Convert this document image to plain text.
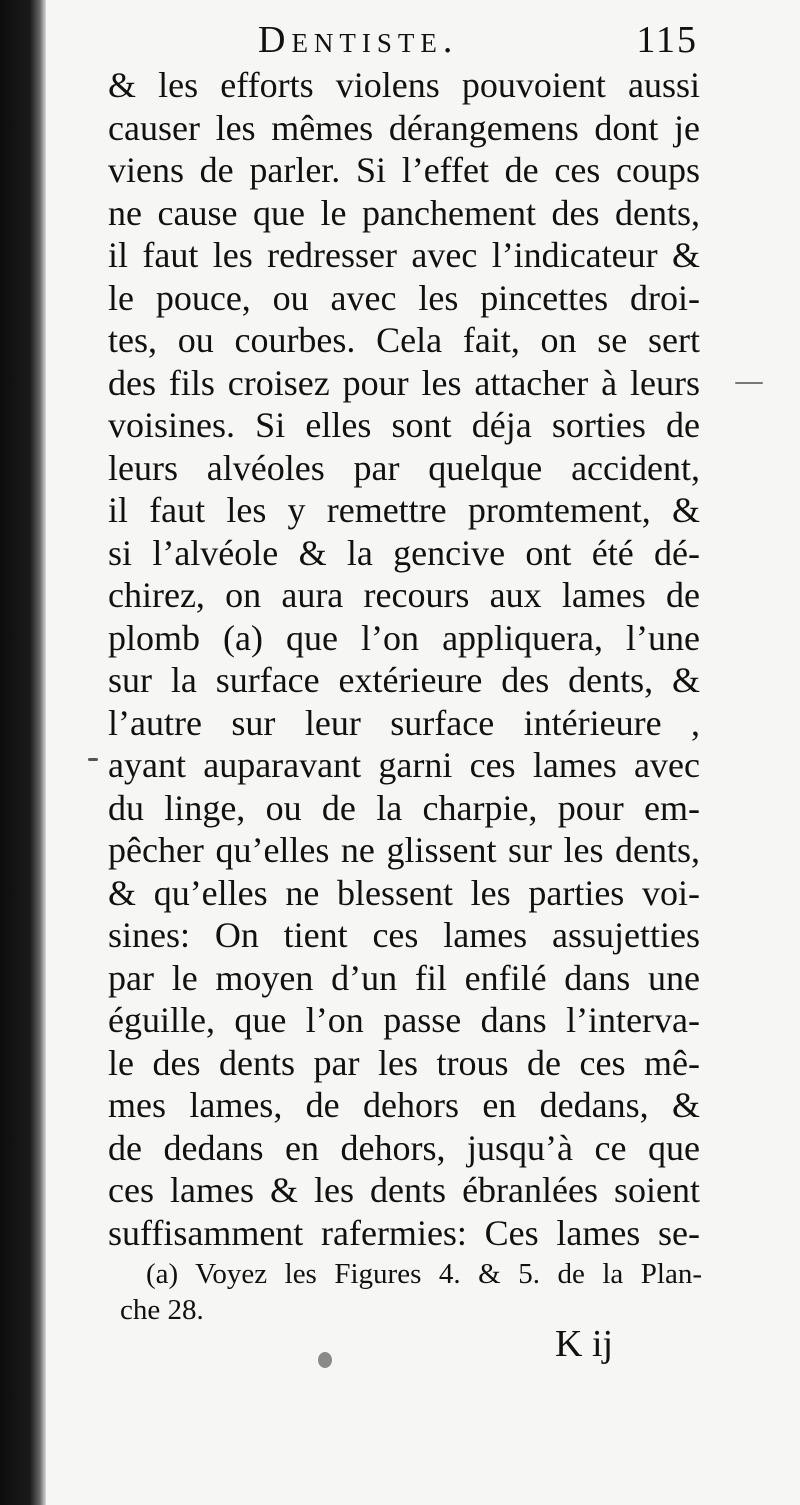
Dentiste.	115
& les efforts violens pouvoient aussi
causer les mêmes dérangemens dont je
viens de parler. Si l’effet de ces coups
ne cause que le panchement des dents,
il faut les redresser avec l’indicateur &
le pouce, ou avec les pincettes droi-
tes, ou courbes. Cela fait, on se sert
des fils croisez pour les attacher à leurs
voisines. Si elles sont déja sorties de
leurs alvéoles par quelque accident,
il faut les y remettre promtement, &
si l’alvéole & la gencive ont été dé-
chirez, on aura recours aux lames de
plomb (a) que l’on appliquera, l’une
sur la surface extérieure des dents, &
l’autre sur leur surface intérieure ,
ayant auparavant garni ces lames avec
du linge, ou de la charpie, pour em-
pêcher qu’elles ne glissent sur les dents,
& qu’elles ne blessent les parties voi-
sines: On tient ces lames assujetties
par le moyen d’un fil enfilé dans une
éguille, que l’on passe dans l’interva-
le des dents par les trous de ces mê-
mes lames, de dehors en dedans, &
de dedans en dehors, jusqu’à ce que
ces lames & les dents ébranlées soient
suffisamment rafermies: Ces lames se-
(a) Voyez les Figures 4. & 5. de la Plan-
che 28.
K ij
